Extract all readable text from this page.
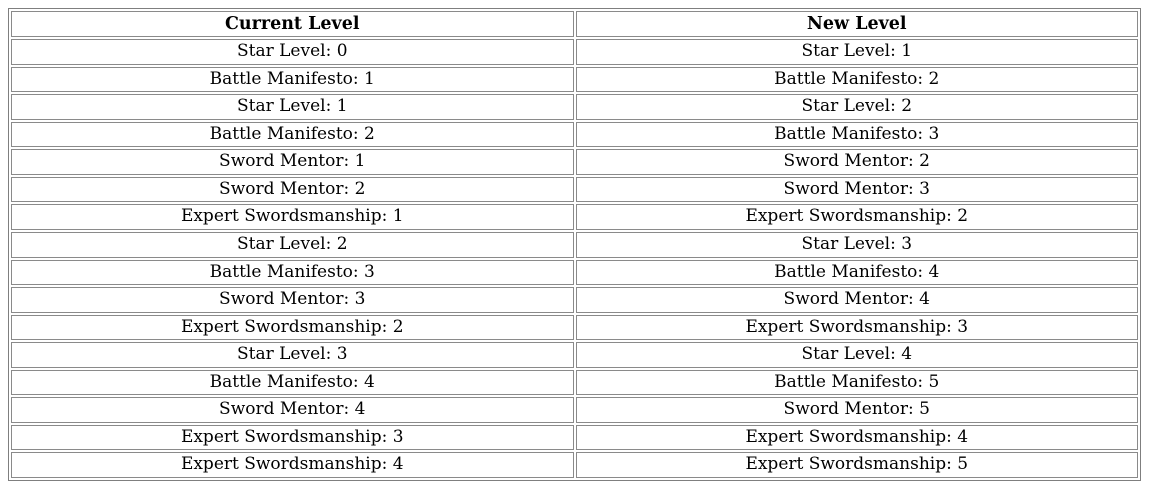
Current Level	New Level
Star Level: 0	Star Level: 1
Battle Manifesto: 1	Battle Manifesto: 2
Star Level: 1	Star Level: 2
Battle Manifesto: 2	Battle Manifesto: 3
Sword Mentor: 1	Sword Mentor: 2
Sword Mentor: 2	Sword Mentor: 3
Expert Swordsmanship: 1	Expert Swordsmanship: 2
Star Level: 2	Star Level: 3
Battle Manifesto: 3	Battle Manifesto: 4
Sword Mentor: 3	Sword Mentor: 4
Expert Swordsmanship: 2	Expert Swordsmanship: 3
Star Level: 3	Star Level: 4
Battle Manifesto: 4	Battle Manifesto: 5
Sword Mentor: 4	Sword Mentor: 5
Expert Swordsmanship: 3	Expert Swordsmanship: 4
Expert Swordsmanship: 4	Expert Swordsmanship: 5
